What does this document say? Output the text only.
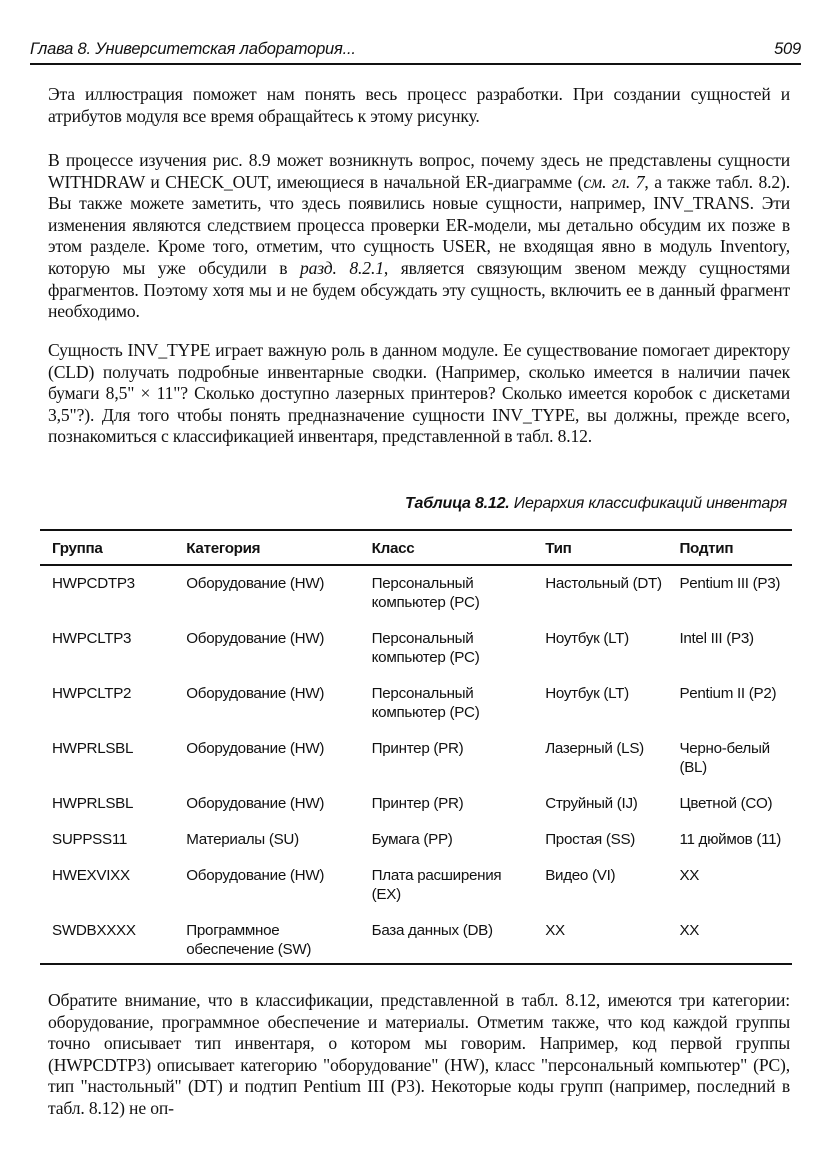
Глава 8. Университетская лаборатория...	509

Эта иллюстрация поможет нам понять весь процесс разработки. При создании сущностей и атрибутов модуля все время обращайтесь к этому рисунку.

В процессе изучения рис. 8.9 может возникнуть вопрос, почему здесь не представлены сущности WITHDRAW и CHECK_OUT, имеющиеся в начальной ER-диаграмме (см. гл. 7, а также табл. 8.2). Вы также можете заметить, что здесь появились новые сущности, например, INV_TRANS. Эти изменения являются следствием процесса проверки ER-модели, мы детально обсудим их позже в этом разделе. Кроме того, отметим, что сущность USER, не входящая явно в модуль Inventory, которую мы уже обсудили в разд. 8.2.1, является связующим звеном между сущностями фрагментов. Поэтому хотя мы и не будем обсуждать эту сущность, включить ее в данный фрагмент необходимо.

Сущность INV_TYPE играет важную роль в данном модуле. Ее существование помогает директору (CLD) получать подробные инвентарные сводки. (Например, сколько имеется в наличии пачек бумаги 8,5" × 11"? Сколько доступно лазерных принтеров? Сколько имеется коробок с дискетами 3,5"?). Для того чтобы понять предназначение сущности INV_TYPE, вы должны, прежде всего, познакомиться с классификацией инвентаря, представленной в табл. 8.12.

Таблица 8.12. Иерархия классификаций инвентаря
Группа	Категория	Класс	Тип	Подтип
HWPCDTP3	Оборудование (HW)	Персональный компьютер (PC)	Настольный (DT)	Pentium III (P3)
HWPCLTP3	Оборудование (HW)	Персональный компьютер (PC)	Ноутбук (LT)	Intel III (P3)
HWPCLTP2	Оборудование (HW)	Персональный компьютер (PC)	Ноутбук (LT)	Pentium II (P2)
HWPRLSBL	Оборудование (HW)	Принтер (PR)	Лазерный (LS)	Черно-белый (BL)
HWPRLSBL	Оборудование (HW)	Принтер (PR)	Струйный (IJ)	Цветной (CO)
SUPPSS11	Материалы (SU)	Бумага (PP)	Простая (SS)	11 дюймов (11)
HWEXVIXX	Оборудование (HW)	Плата расширения (EX)	Видео (VI)	XX
SWDBXXXX	Программное обеспечение (SW)	База данных (DB)	XX	XX

Обратите внимание, что в классификации, представленной в табл. 8.12, имеются три категории: оборудование, программное обеспечение и материалы. Отметим также, что код каждой группы точно описывает тип инвентаря, о котором мы говорим. Например, код первой группы (HWPCDTP3) описывает категорию "оборудование" (HW), класс "персональный компьютер" (PC), тип "настольный" (DT) и подтип Pentium III (P3). Некоторые коды групп (например, последний в табл. 8.12) не оп-
